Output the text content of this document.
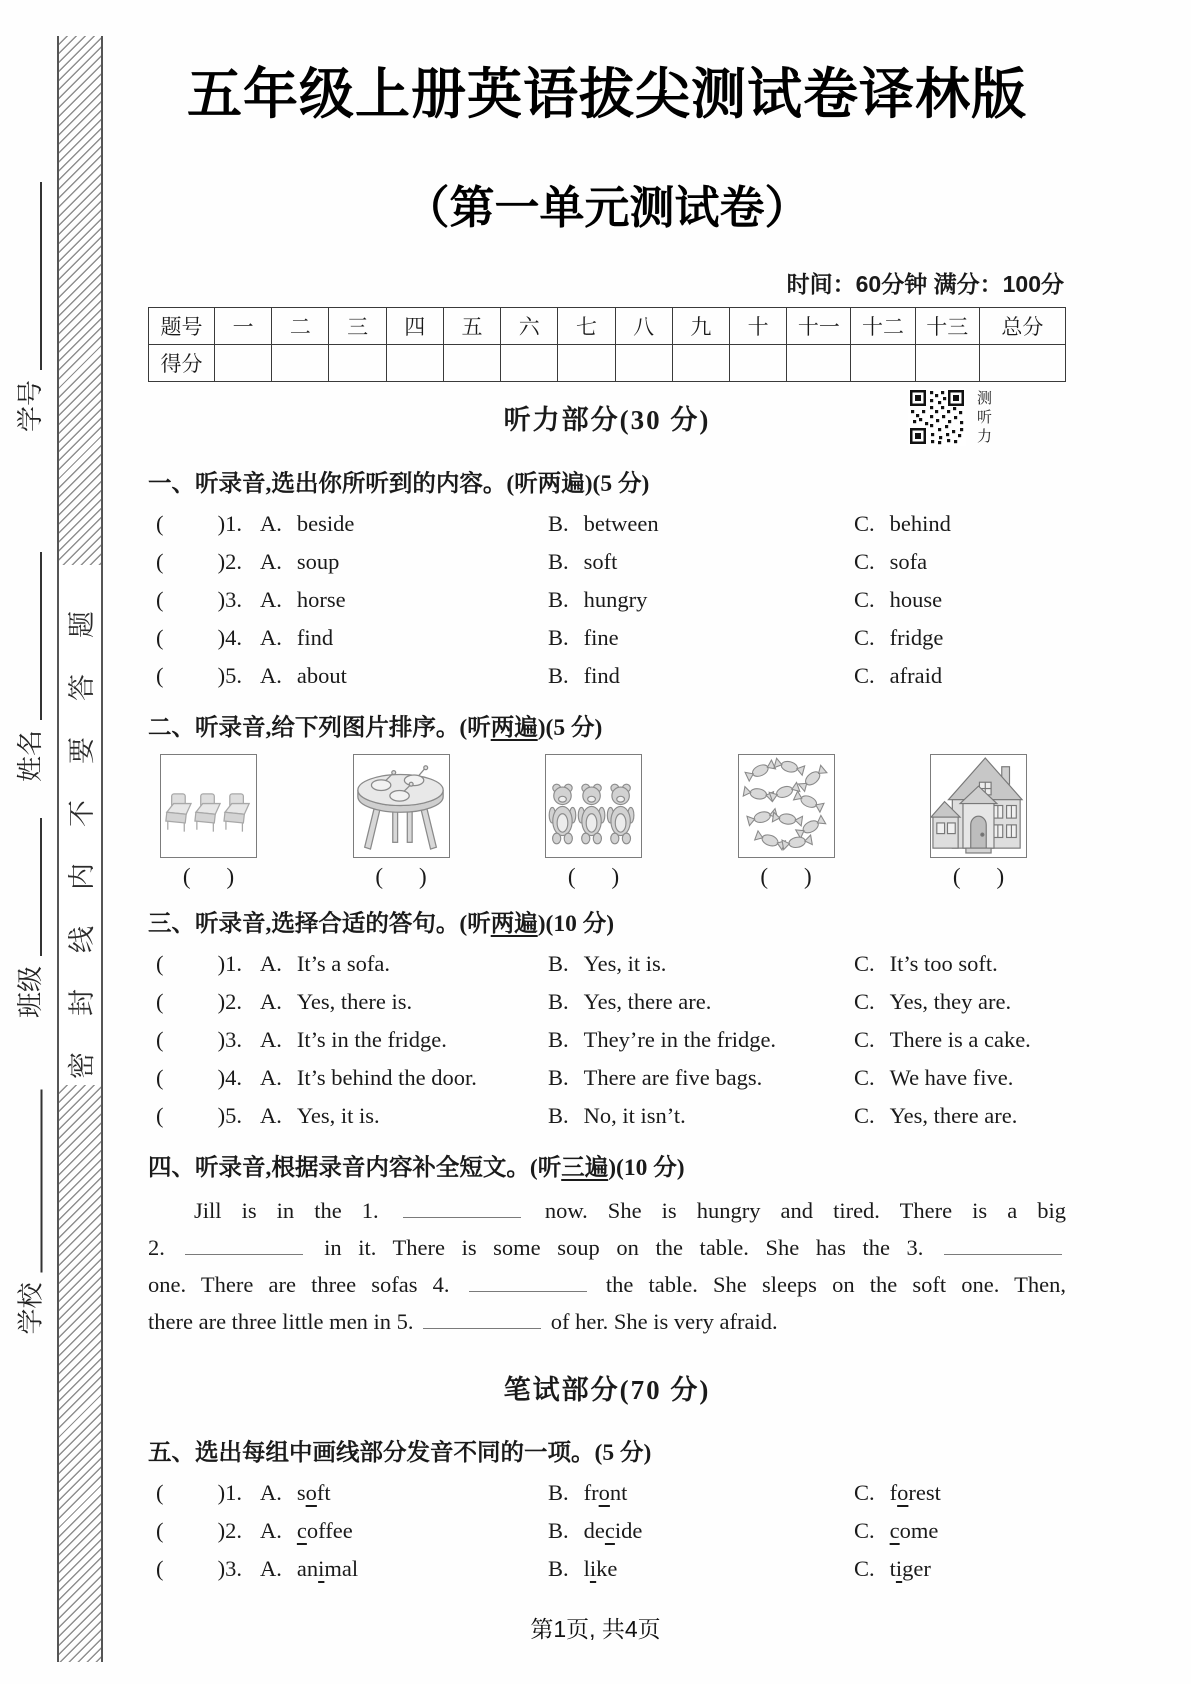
学号
姓名
班级
学校
密封线内不要答题
五年级上册英语拔尖测试卷译林版
（第一单元测试卷）
时间：60分钟 满分：100分
题号	一	二	三	四	五	六	七	八	九	十	十一	十二	十三	总分
得分														
听力部分(30 分)	测听力
一、听录音,选出你所听到的内容。(听两遍)(5 分)
( )1. A. beside	B. between	C. behind
( )2. A. soup	B. soft	C. sofa
( )3. A. horse	B. hungry	C. house
( )4. A. find	B. fine	C. fridge
( )5. A. about	B. find	C. afraid
二、听录音,给下列图片排序。(听两遍)(5 分)
( )	( )	( )	( )	( )
三、听录音,选择合适的答句。(听两遍)(10 分)
( )1. A. It’s a sofa.	B. Yes, it is.	C. It’s too soft.
( )2. A. Yes, there is.	B. Yes, there are.	C. Yes, they are.
( )3. A. It’s in the fridge.	B. They’re in the fridge.	C. There is a cake.
( )4. A. It’s behind the door.	B. There are five bags.	C. We have five.
( )5. A. Yes, it is.	B. No, it isn’t.	C. Yes, there are.
四、听录音,根据录音内容补全短文。(听三遍)(10 分)
Jill is in the 1.	now. She is hungry and tired. There is a big
2.	in it. There is some soup on the table. She has the 3.
one. There are three sofas 4.	the table. She sleeps on the soft one. Then,
there are three little men in 5.	of her. She is very afraid.
笔试部分(70 分)
五、选出每组中画线部分发音不同的一项。(5 分)
( )1. A. soft	B. front	C. forest
( )2. A. coffee	B. decide	C. come
( )3. A. animal	B. like	C. tiger
第1页, 共4页
